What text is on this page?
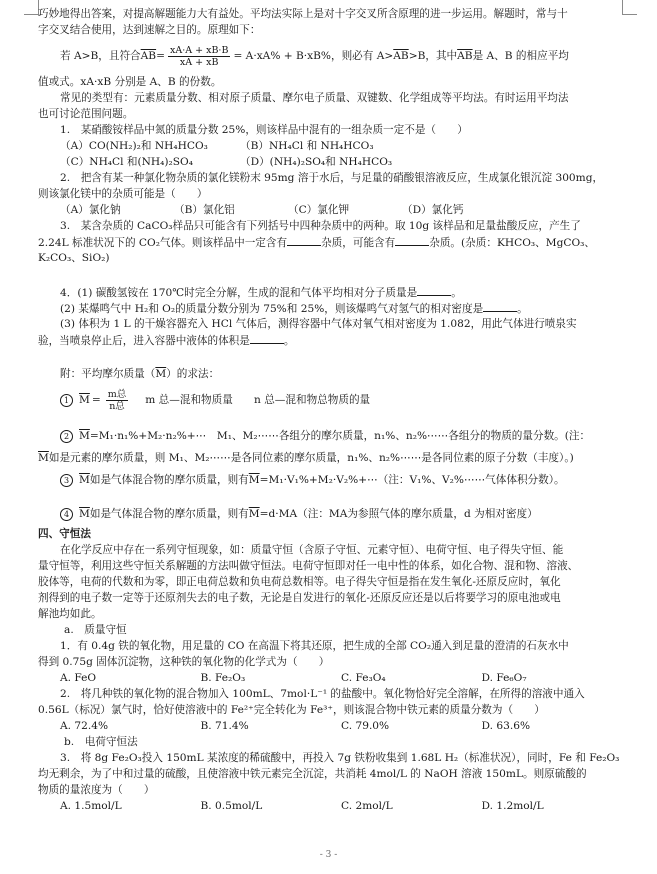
巧妙地得出答案，对提高解题能力大有益处。平均法实际上是对十字交叉所含原理的进一步运用。解题时，常与十
字交叉结合使用，达到速解之目的。原理如下：
若 A>B，且符合 $\overline{AB} = \frac{xA\cdot A + xB\cdot B}{xA + xB} = A\cdot xA\% + B\cdot xB\%$，则必有 $A> \overline{AB} >B$，其中 $\overline{AB}$ 是 A、B 的相应平均
值或式。xA·xB 分别是 A、B 的份数。
常见的类型有：元素质量分数、相对原子质量、摩尔电子质量、双键数、化学组成等平均法。有时运用平均法
也可讨论范围问题。
1.　某硝酸铵样品中氮的质量分数 25%，则该样品中混有的一组杂质一定不是（　　）
（A）CO(NH₂)₂和 NH₄HCO₃	（B）NH₄Cl 和 NH₄HCO₃
（C）NH₄Cl 和(NH₄)₂SO₄	（D）(NH₄)₂SO₄和 NH₄HCO₃
2.　把含有某一种氯化物杂质的氯化镁粉末 95mg 溶于水后，与足量的硝酸银溶液反应，生成氯化银沉淀 300mg，
则该氯化镁中的杂质可能是（　　）
（A）氯化钠	（B）氯化铝	（C）氯化钾	（D）氯化钙
3.　某含杂质的 CaCO₃样品只可能含有下列括号中四种杂质中的两种。取 10g 该样品和足量盐酸反应，产生了
2.24L 标准状况下的 CO₂气体。则该样品中一定含有	杂质，可能含有	杂质。(杂质：KHCO₃、MgCO₃、
K₂CO₃、SiO₂)
4．(1) 碳酸氢铵在 170℃时完全分解，生成的混和气体平均相对分子质量是	。
(2) 某爆鸣气中 H₂和 O₂的质量分数分别为 75%和 25%，则该爆鸣气对氢气的相对密度是	。
(3) 体积为 1 L 的干燥容器充入 HCl 气体后，测得容器中气体对氧气相对密度为 1.082，用此气体进行喷泉实
验，当喷泉停止后，进入容器中液体的体积是	。
附：平均摩尔质量$(\overline{M})$的求法：
1 $\overline{M} = \frac{\text{m总}}{\text{n总}}$ m 总—混和物质量　　n 总—混和物总物质的量
2 $\overline{M}=M_1\cdot n_1\%+M_2\cdot n_2\%+\cdots$　M₁、M₂⋯⋯各组分的摩尔质量，n₁%、n₂%⋯⋯各组分的物质的量分数。(注：
$\overline{M}$如是元素的摩尔质量，则 M₁、M₂⋯⋯是各同位素的摩尔质量，n₁%、n₂%⋯⋯是各同位素的原子分数（丰度）。)
3 $\overline{M}$如是气体混合物的摩尔质量，则有$\overline{M}=M_1\cdot V_1\%+M_2\cdot V_2\%+\cdots$（注：V₁%、V₂%⋯⋯气体体积分数）。
4 $\overline{M}$如是气体混合物的摩尔质量，则有$\overline{M}=d\cdot MA$（注：MA为参照气体的摩尔质量，d 为相对密度）
四、守恒法
在化学反应中存在一系列守恒现象，如：质量守恒（含原子守恒、元素守恒）、电荷守恒、电子得失守恒、能
量守恒等，利用这些守恒关系解题的方法叫做守恒法。电荷守恒即对任一电中性的体系，如化合物、混和物、溶液、
胶体等，电荷的代数和为零，即正电荷总数和负电荷总数相等。电子得失守恒是指在发生氧化-还原反应时，氧化
剂得到的电子数一定等于还原剂失去的电子数，无论是自发进行的氧化-还原反应还是以后将要学习的原电池或电
解池均如此。
a.　质量守恒
1．有 0.4g 铁的氧化物，用足量的 CO 在高温下将其还原，把生成的全部 CO₂通入到足量的澄清的石灰水中
得到 0.75g 固体沉淀物，这种铁的氧化物的化学式为（　　）
A. FeO	B. Fe₂O₃	C. Fe₃O₄	D. Fe₆O₇
2.　将几种铁的氧化物的混合物加入 100mL、7mol·L⁻¹ 的盐酸中。氧化物恰好完全溶解，在所得的溶液中通入
0.56L（标况）氯气时，恰好使溶液中的 Fe²⁺完全转化为 Fe³⁺，则该混合物中铁元素的质量分数为（　　）
A. 72.4%	B. 71.4%	C. 79.0%	D. 63.6%
b.　电荷守恒法
3.　将 8g Fe₂O₃投入 150mL 某浓度的稀硫酸中，再投入 7g 铁粉收集到 1.68L H₂（标准状况），同时，Fe 和 Fe₂O₃
均无剩余，为了中和过量的硫酸，且使溶液中铁元素完全沉淀，共消耗 4mol/L 的 NaOH 溶液 150mL。则原硫酸的
物质的量浓度为（　　）
A. 1.5mol/L	B. 0.5mol/L	C. 2mol/L	D. 1.2mol/L
- 3 -
